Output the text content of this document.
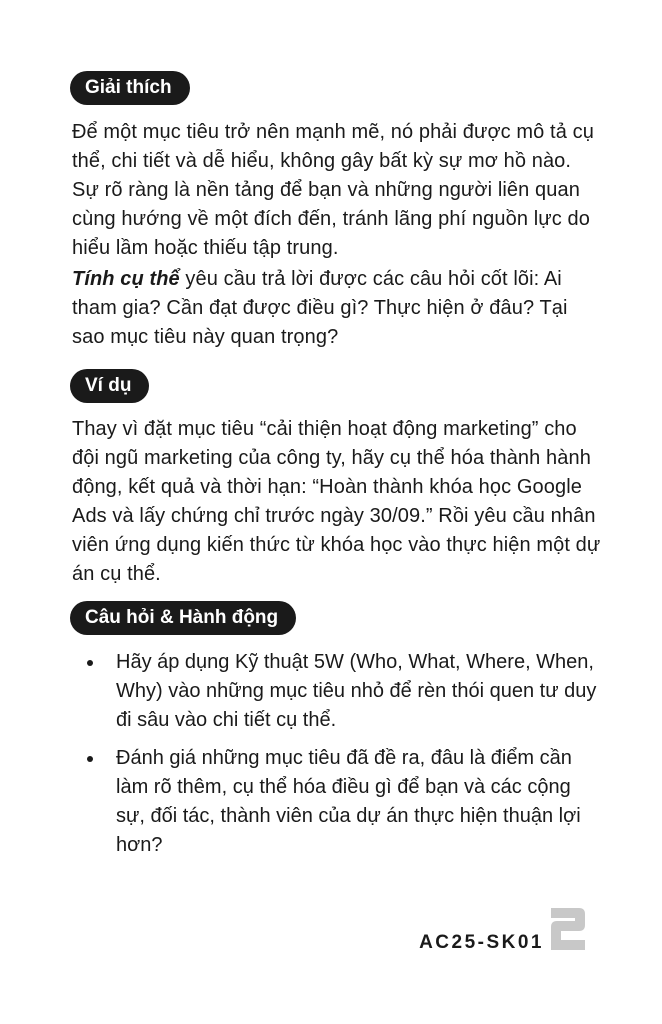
Giải thích

Để một mục tiêu trở nên mạnh mẽ, nó phải được mô tả cụ thể, chi tiết và dễ hiểu, không gây bất kỳ sự mơ hồ nào. Sự rõ ràng là nền tảng để bạn và những người liên quan cùng hướng về một đích đến, tránh lãng phí nguồn lực do hiểu lầm hoặc thiếu tập trung.

Tính cụ thể yêu cầu trả lời được các câu hỏi cốt lõi: Ai tham gia? Cần đạt được điều gì? Thực hiện ở đâu? Tại sao mục tiêu này quan trọng?

Ví dụ

Thay vì đặt mục tiêu “cải thiện hoạt động marketing” cho đội ngũ marketing của công ty, hãy cụ thể hóa thành hành động, kết quả và thời hạn: “Hoàn thành khóa học Google Ads và lấy chứng chỉ trước ngày 30/09.” Rồi yêu cầu nhân viên ứng dụng kiến thức từ khóa học vào thực hiện một dự án cụ thể.

Câu hỏi & Hành động
Hãy áp dụng Kỹ thuật 5W (Who, What, Where, When, Why) vào những mục tiêu nhỏ để rèn thói quen tư duy đi sâu vào chi tiết cụ thể.
Đánh giá những mục tiêu đã đề ra, đâu là điểm cần làm rõ thêm, cụ thể hóa điều gì để bạn và các cộng sự, đối tác, thành viên của dự án thực hiện thuận lợi hơn?
AC25-SK01
